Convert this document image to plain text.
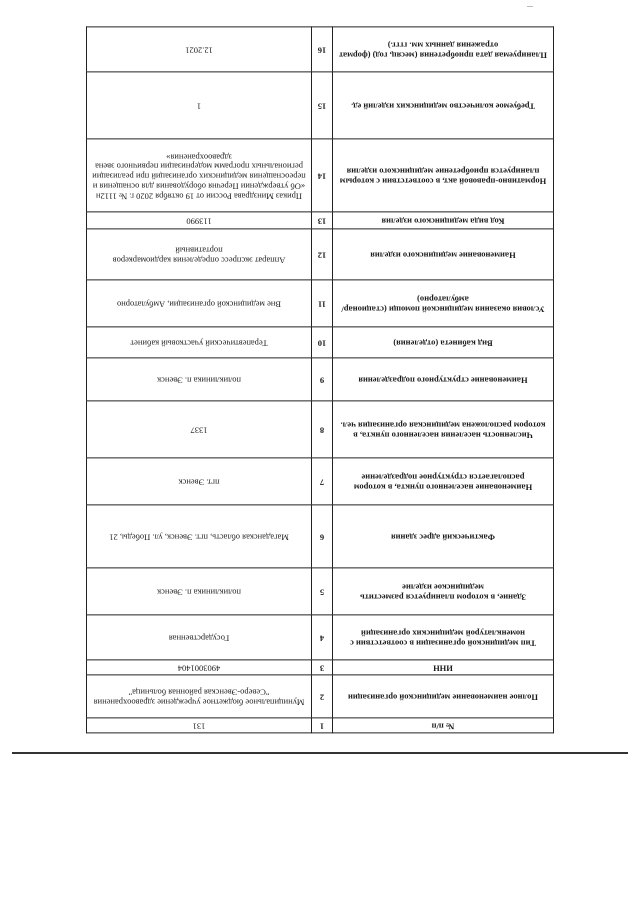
№ п/п	1	131
Полное наименование медицинской организации	2	Муниципальное бюджетное учреждение здравоохранения "Северо-Эвенская районная больница"
ИНН	3	4903001404
Тип медицинской организации в соответствии с номенклатурой медицинских организаций	4	Государственная
Здание, в котором планируется разместить медицинское изделие	5	поликлиника п. Эвенск
Фактический адрес здания	6	Магаданская область, пгт. Эвенск, ул. Победы, 21
Наименование населенного пункта, в котором располагается структурное подразделение	7	пгт. Эвенск
Численность населения населенного пункта, в котором расположена медицинская организация чел.	8	1337
Наименование структурного подразделения	9	поликлиника п. Эвенск
Вид кабинета (отделения)	10	Терапевтический участковый кабинет
Условия оказания медицинской помощи (стационар/амбулаторно)	11	Вне медицинской организации, Амбулаторно
Наименование медицинского изделия	12	Аппарат экспресс определения кардиомаркеров портативный
Код вида медицинского изделия	13	113990
Нормативно-правовой акт, в соответствии с которым планируется приобретение медицинского изделия	14	Приказ Минздрава России от 19 октября 2020 г. № 1112н «Об утверждении Перечня оборудования для оснащения и переоснащения медицинских организаций при реализации региональных программ модернизации первичного звена здравоохранения»
Требуемое количество медицинских изделий ед.	15	1
Планируемая дата приобретения (месяц, год) (формат отражения данных мм. гггг.)	16	12.2021
